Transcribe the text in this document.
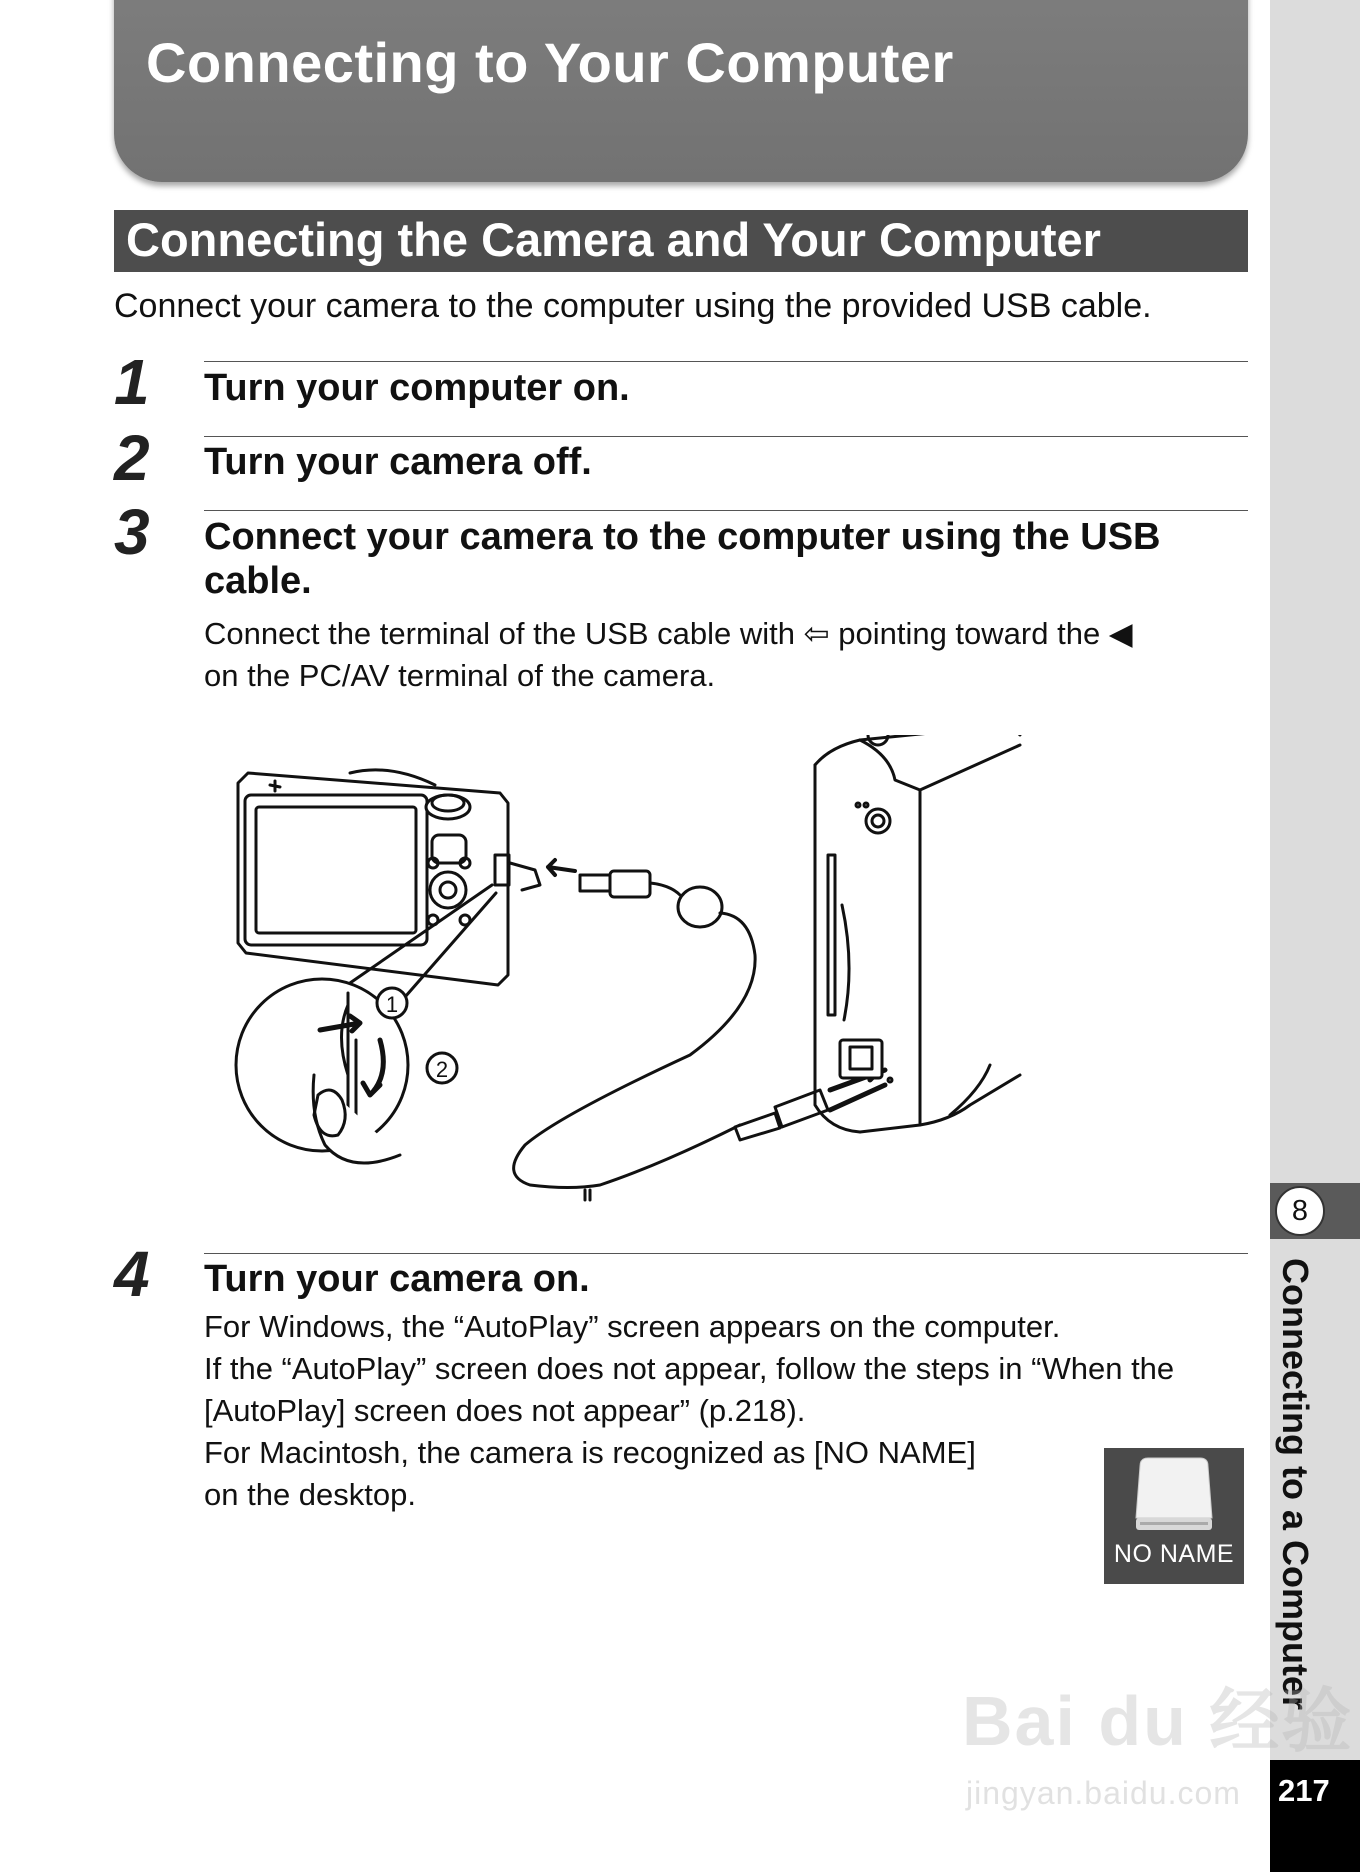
Connecting to Your Computer
Connecting the Camera and Your Computer
Connect your camera to the computer using the provided USB cable.
1 Turn your computer on.
2 Turn your camera off.
3 Connect your camera to the computer using the USB cable.
Connect the terminal of the USB cable with ⇦ pointing toward the ◀
on the PC/AV terminal of the camera.
1
2
4 Turn your camera on.
For Windows, the “AutoPlay” screen appears on the computer.
If the “AutoPlay” screen does not appear, follow the steps in “When the
[AutoPlay] screen does not appear” (p.218).
For Macintosh, the camera is recognized as [NO NAME]
on the desktop.
NO NAME
8
Connecting to a Computer
Bai du 经验
jingyan.baidu.com 217
